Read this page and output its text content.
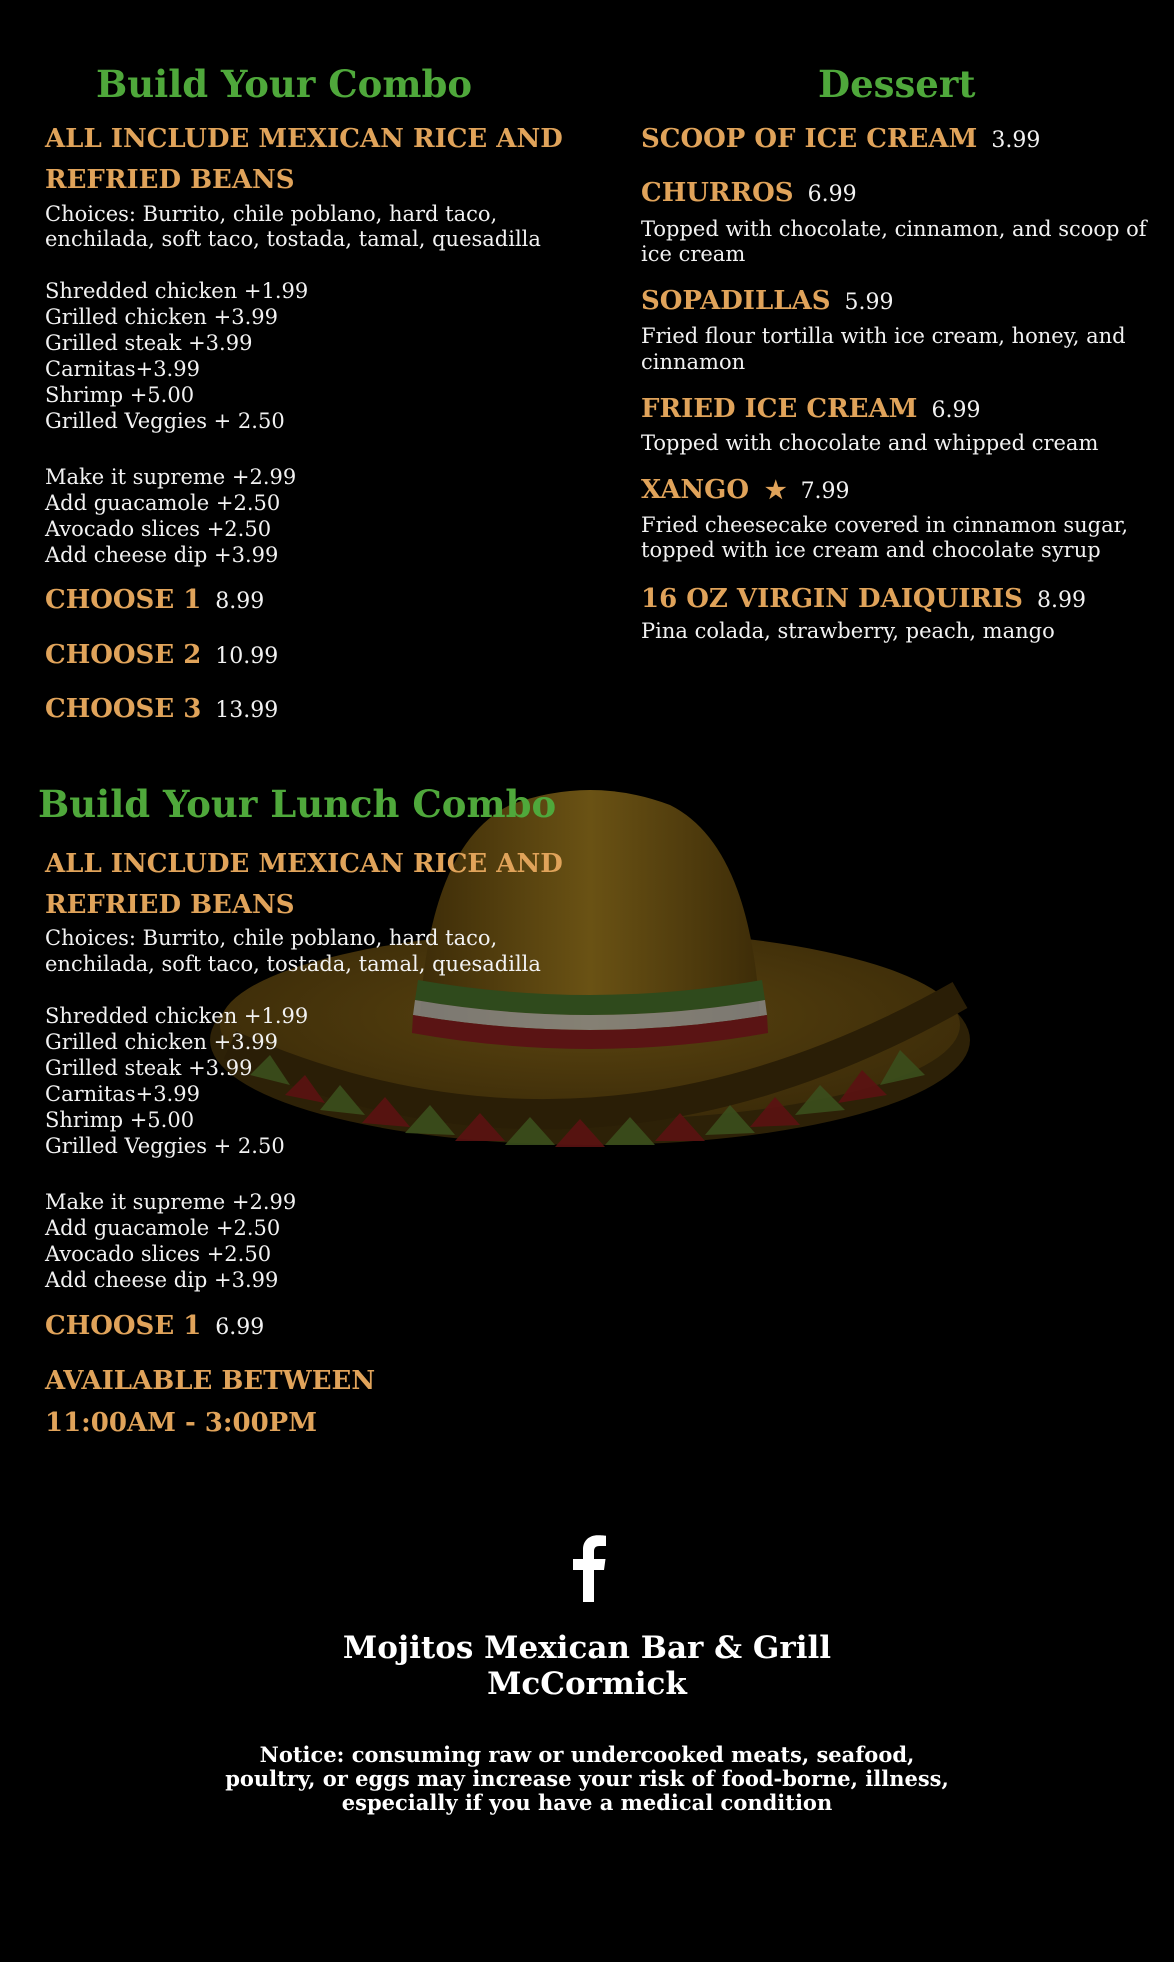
Build Your Combo
ALL INCLUDE MEXICAN RICE AND
REFRIED BEANS
Choices: Burrito, chile poblano, hard taco,
enchilada, soft taco, tostada, tamal, quesadilla
Shredded chicken +1.99
Grilled chicken +3.99
Grilled steak +3.99
Carnitas+3.99
Shrimp +5.00
Grilled Veggies + 2.50
Make it supreme +2.99
Add guacamole +2.50
Avocado slices +2.50
Add cheese dip +3.99
CHOOSE 1 8.99
CHOOSE 2 10.99
CHOOSE 3 13.99
Dessert
SCOOP OF ICE CREAM 3.99
CHURROS 6.99
Topped with chocolate, cinnamon, and scoop of
ice cream
SOPADILLAS 5.99
Fried flour tortilla with ice cream, honey, and
cinnamon
FRIED ICE CREAM 6.99
Topped with chocolate and whipped cream
XANGO ★ 7.99
Fried cheesecake covered in cinnamon sugar,
topped with ice cream and chocolate syrup
16 OZ VIRGIN DAIQUIRIS 8.99
Pina colada, strawberry, peach, mango
Build Your Lunch Combo
ALL INCLUDE MEXICAN RICE AND
REFRIED BEANS
Choices: Burrito, chile poblano, hard taco,
enchilada, soft taco, tostada, tamal, quesadilla
Shredded chicken +1.99
Grilled chicken +3.99
Grilled steak +3.99
Carnitas+3.99
Shrimp +5.00
Grilled Veggies + 2.50
Make it supreme +2.99
Add guacamole +2.50
Avocado slices +2.50
Add cheese dip +3.99
CHOOSE 1 6.99
AVAILABLE BETWEEN
11:00AM - 3:00PM
Mojitos Mexican Bar & Grill
McCormick
Notice: consuming raw or undercooked meats, seafood,
poultry, or eggs may increase your risk of food-borne, illness,
especially if you have a medical condition
